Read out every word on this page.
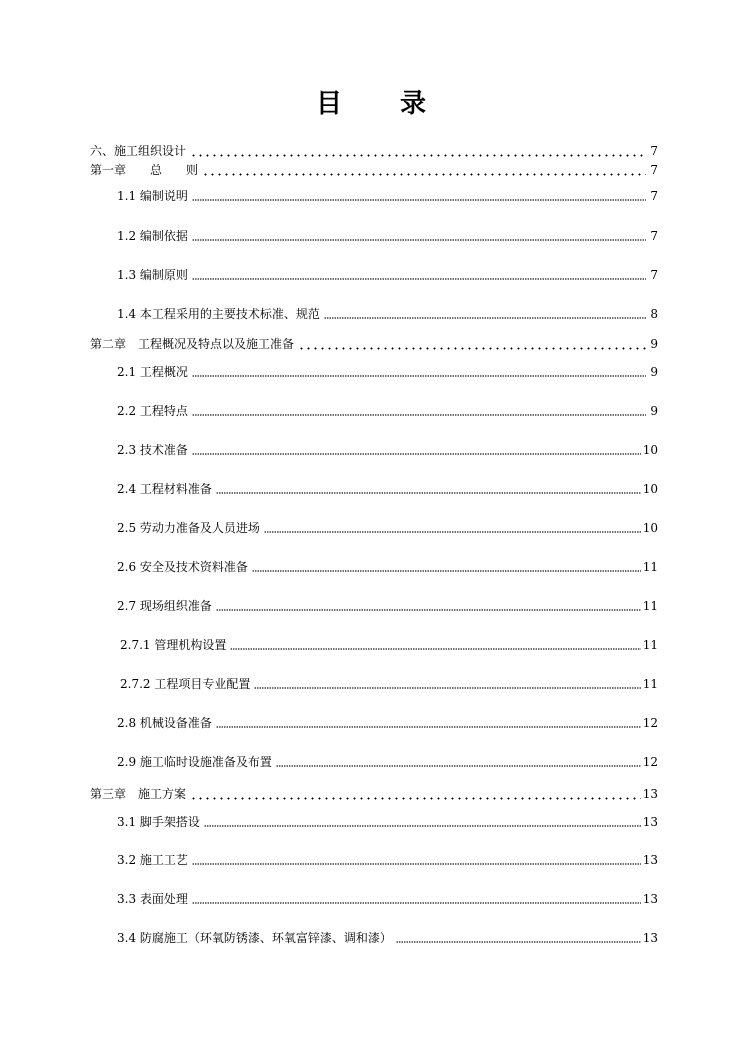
目　　录
六、施工组织设计	7
第一章　　总　　则	7
1.1 编制说明	7
1.2 编制依据	7
1.3 编制原则	7
1.4 本工程采用的主要技术标准、规范	8
第二章　工程概况及特点以及施工准备	9
2.1 工程概况	9
2.2 工程特点	9
2.3 技术准备	10
2.4 工程材料准备	10
2.5 劳动力准备及人员进场	10
2.6 安全及技术资料准备	11
2.7 现场组织准备	11
2.7.1 管理机构设置	11
2.7.2 工程项目专业配置	11
2.8 机械设备准备	12
2.9 施工临时设施准备及布置	12
第三章　施工方案	13
3.1 脚手架搭设	13
3.2 施工工艺	13
3.3 表面处理	13
3.4 防腐施工（环氧防锈漆、环氧富锌漆、调和漆）	13
